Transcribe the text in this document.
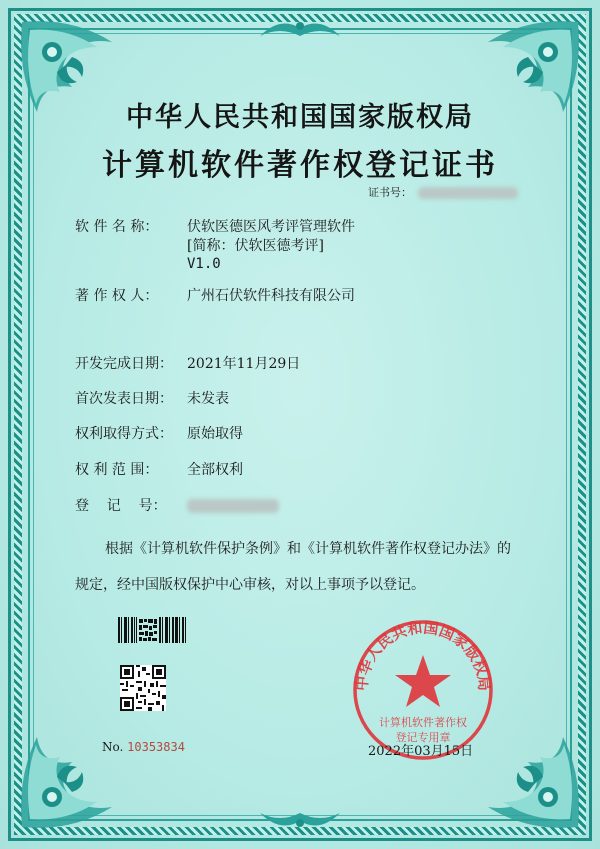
中华人民共和国国家版权局
计算机软件著作权登记证书
证书号：
软 件 名 称： 伏软医德医风考评管理软件
[简称：伏软医德考评]
V1.0
著 作 权 人： 广州石伏软件科技有限公司
开发完成日期： 2021年11月29日
首次发表日期： 未发表
权利取得方式： 原始取得
权 利 范 围： 全部权利
登    记    号：
根据《计算机软件保护条例》和《计算机软件著作权登记办法》的
规定，经中国版权保护中心审核，对以上事项予以登记。
No. 10353834
中华人民共和国国家版权局
计算机软件著作权
登记专用章
2022年03月15日
